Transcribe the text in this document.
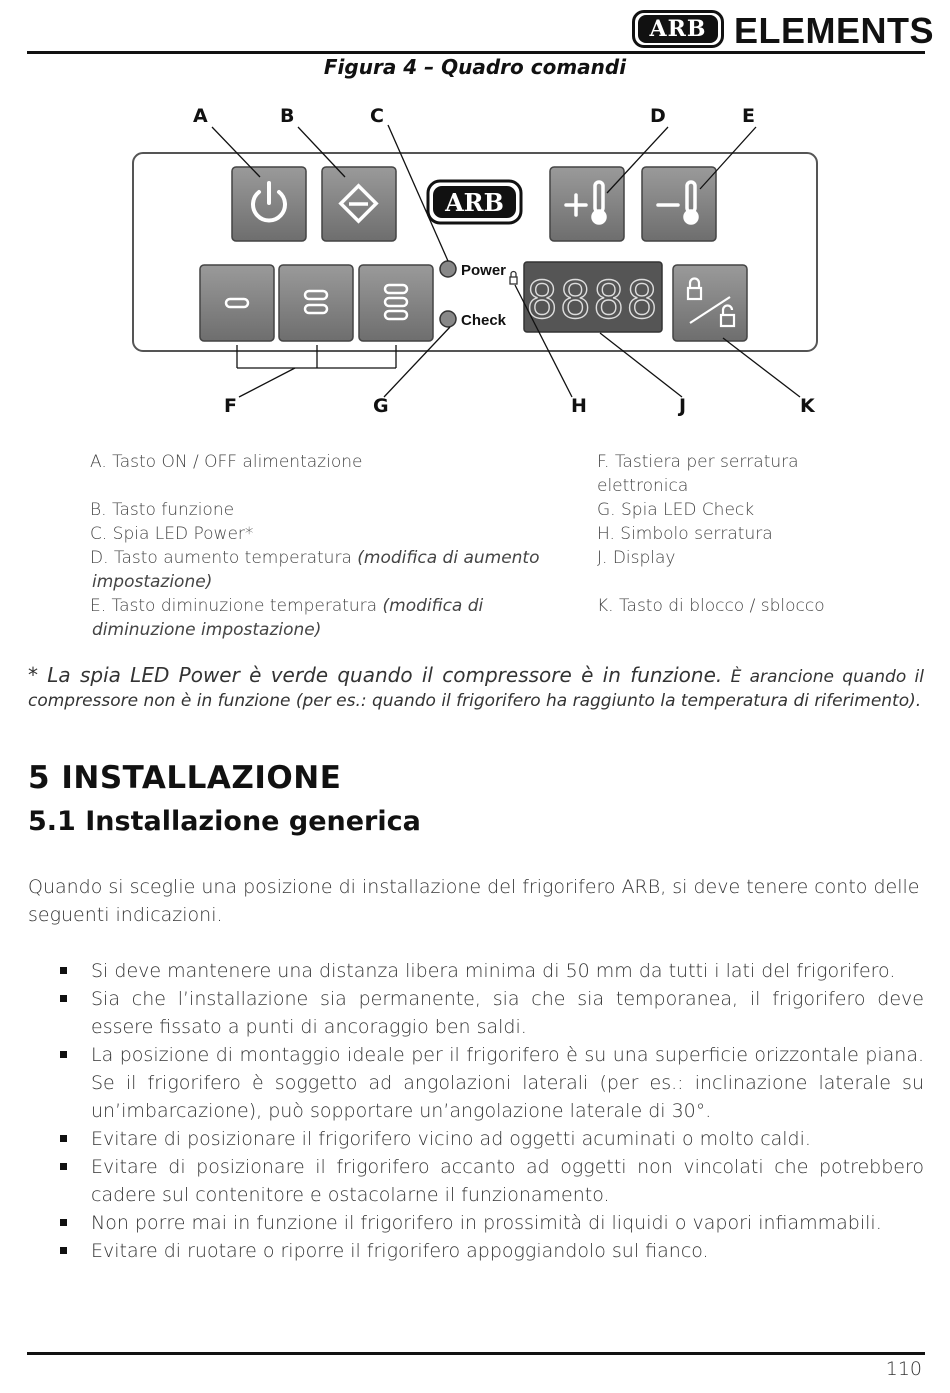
ARB ELEMENTS
Figura 4 – Quadro comandi
A	B	C	D	E
ARB
Power
Check 8888
F	G	H	J	K
A. Tasto ON / OFF alimentazione
B. Tasto funzione
C. Spia LED Power*
D. Tasto aumento temperatura (modifica di aumento
impostazione)
E. Tasto diminuzione temperatura (modifica di
diminuzione impostazione)
F. Tastiera per serratura
elettronica
G. Spia LED Check
H. Simbolo serratura
J. Display
K. Tasto di blocco / sblocco
* La spia LED Power è verde quando il compressore è in funzione. È arancione quando il compressore non è in funzione (per es.: quando il frigorifero ha raggiunto la temperatura di riferimento).
5 INSTALLAZIONE
5.1 Installazione generica
Quando si sceglie una posizione di installazione del frigorifero ARB, si deve tenere conto delle seguenti indicazioni.
Si deve mantenere una distanza libera minima di 50 mm da tutti i lati del frigorifero.
Sia che l’installazione sia permanente, sia che sia temporanea, il frigorifero deve essere fissato a punti di ancoraggio ben saldi.
La posizione di montaggio ideale per il frigorifero è su una superficie orizzontale piana. Se il frigorifero è soggetto ad angolazioni laterali (per es.: inclinazione laterale su un’imbarcazione), può sopportare un’angolazione laterale di 30°.
Evitare di posizionare il frigorifero vicino ad oggetti acuminati o molto caldi.
Evitare di posizionare il frigorifero accanto ad oggetti non vincolati che potrebbero cadere sul contenitore e ostacolarne il funzionamento.
Non porre mai in funzione il frigorifero in prossimità di liquidi o vapori infiammabili.
Evitare di ruotare o riporre il frigorifero appoggiandolo sul fianco.
110
